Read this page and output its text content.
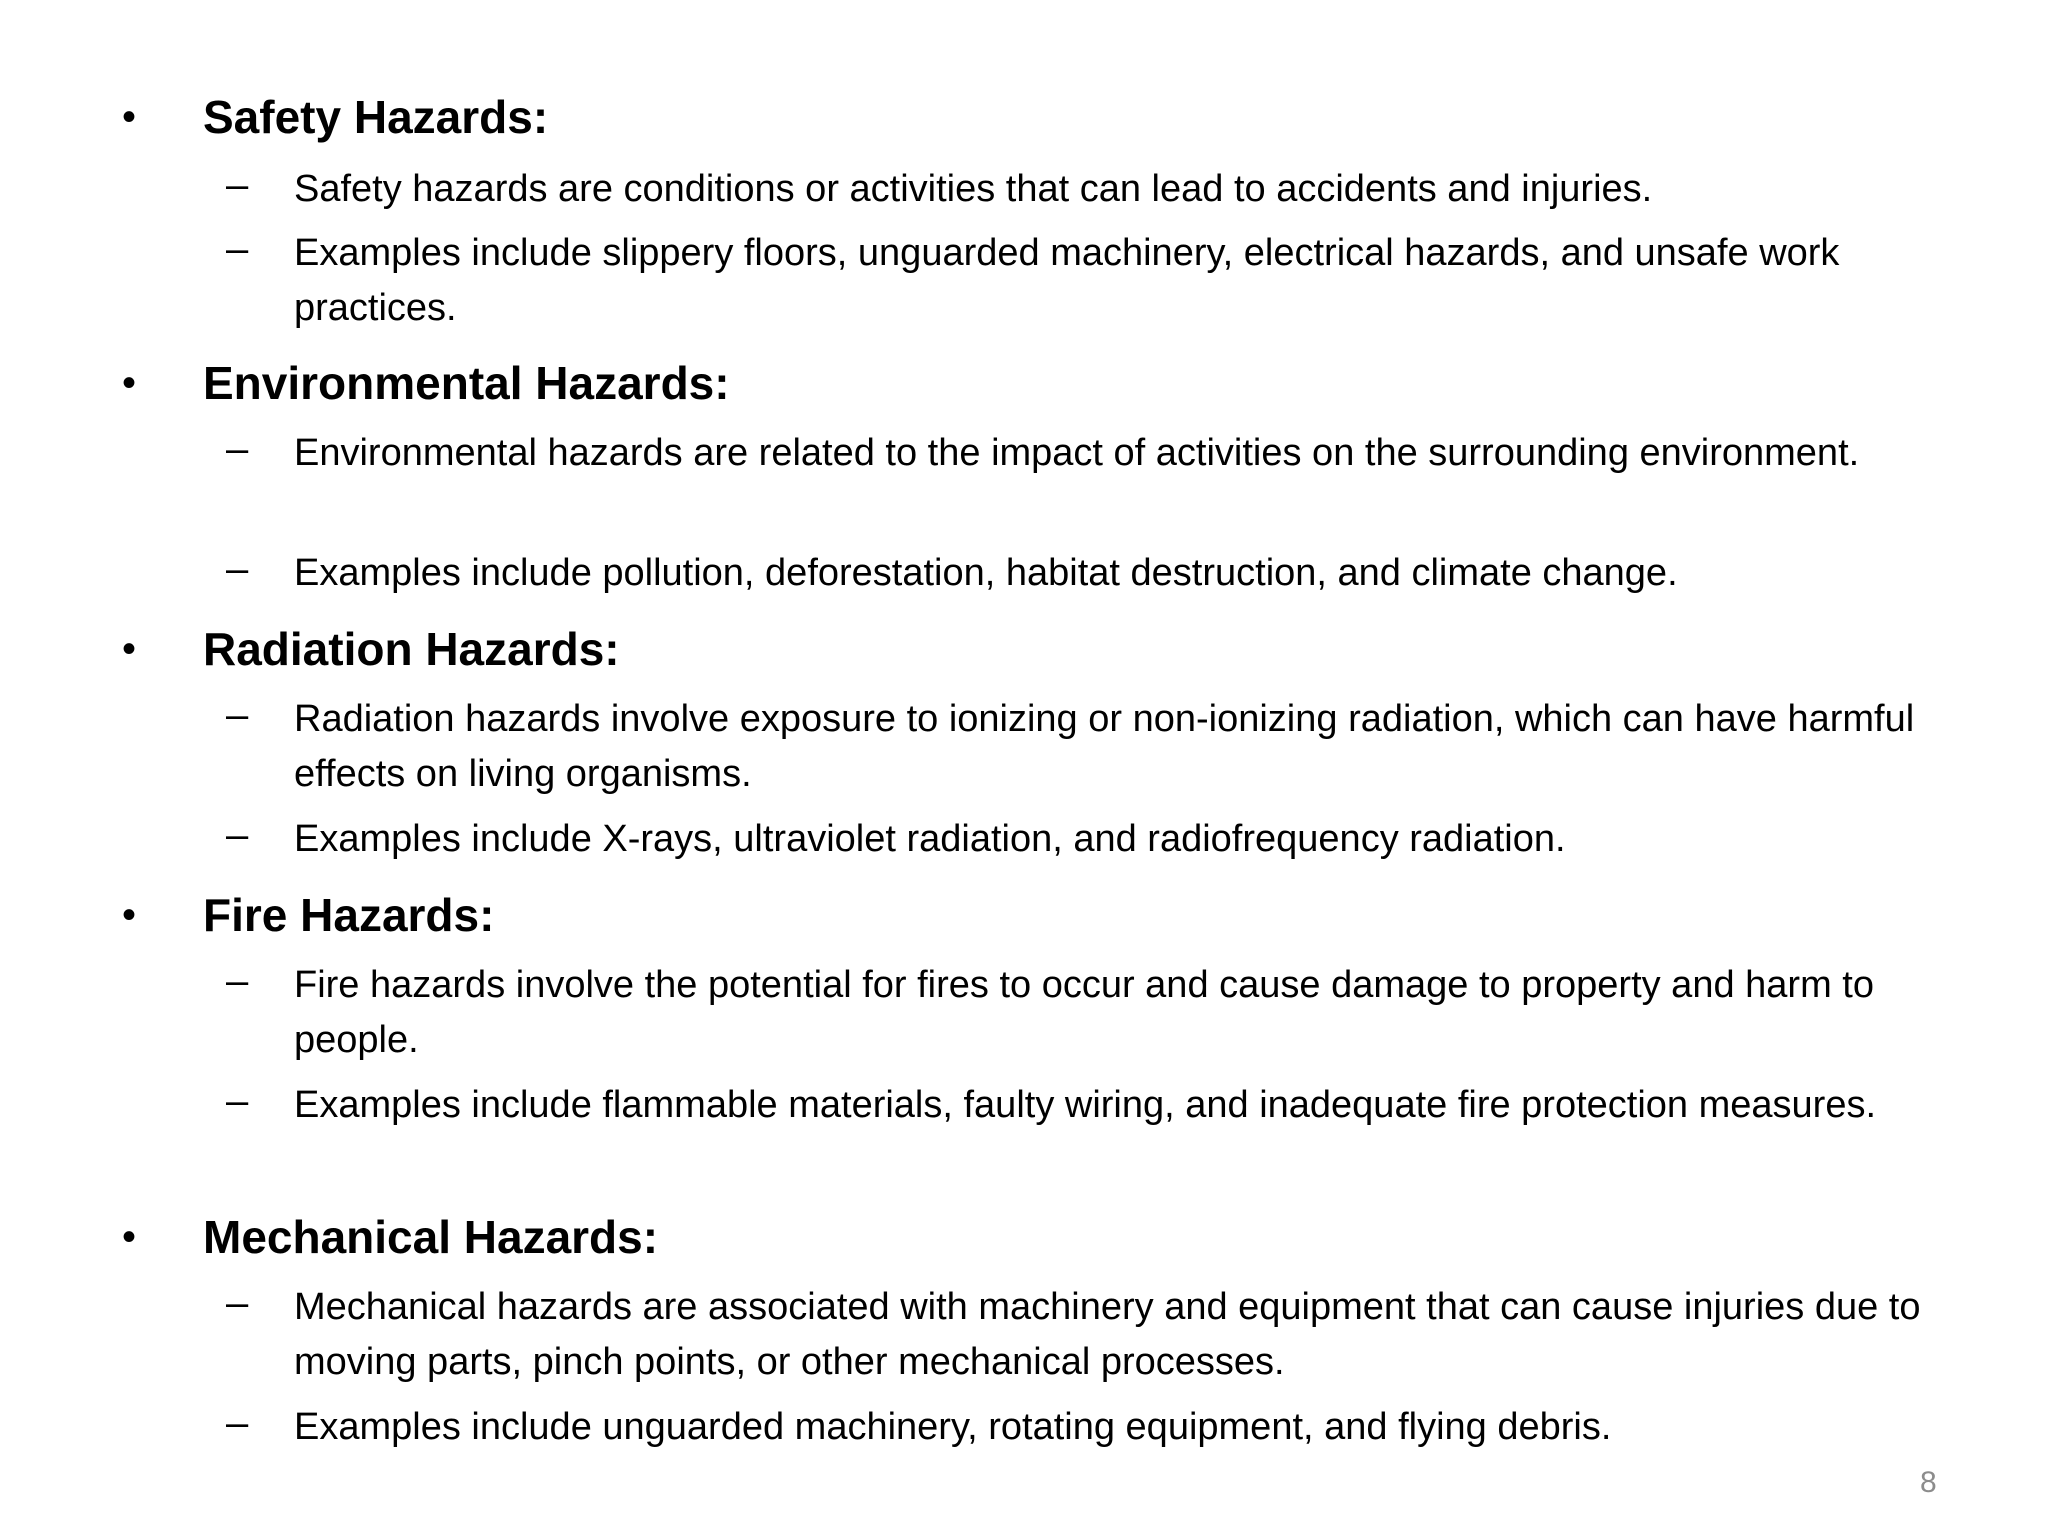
• Safety Hazards:
– Safety hazards are conditions or activities that can lead to accidents and injuries.
– Examples include slippery floors, unguarded machinery, electrical hazards, and unsafe work practices.
• Environmental Hazards:
– Environmental hazards are related to the impact of activities on the surrounding environment.
– Examples include pollution, deforestation, habitat destruction, and climate change.
• Radiation Hazards:
– Radiation hazards involve exposure to ionizing or non-ionizing radiation, which can have harmful effects on living organisms.
– Examples include X-rays, ultraviolet radiation, and radiofrequency radiation.
• Fire Hazards:
– Fire hazards involve the potential for fires to occur and cause damage to property and harm to people.
– Examples include flammable materials, faulty wiring, and inadequate fire protection measures.
• Mechanical Hazards:
– Mechanical hazards are associated with machinery and equipment that can cause injuries due to moving parts, pinch points, or other mechanical processes.
– Examples include unguarded machinery, rotating equipment, and flying debris.
8
